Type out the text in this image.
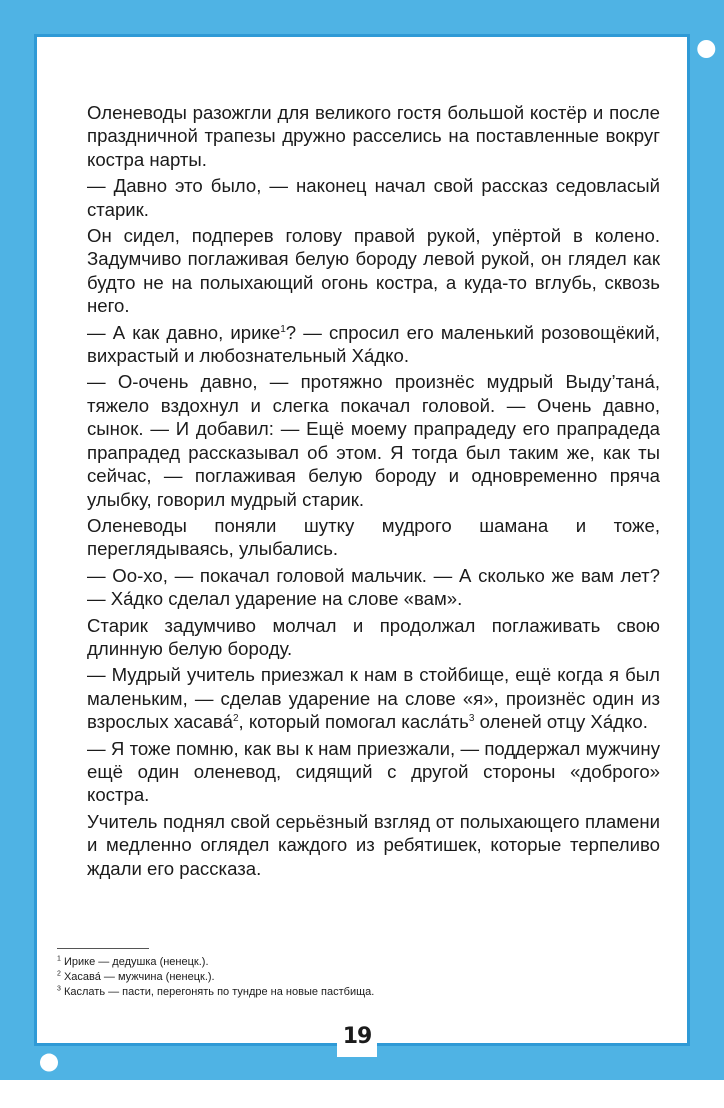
Оленеводы разожгли для великого гостя большой костёр и после праздничной трапезы дружно расселись на поставленные вокруг костра нарты.

— Давно это было, — наконец начал свой рассказ седовласый старик.

Он сидел, подперев голову правой рукой, упёртой в колено. Задумчиво поглаживая белую бороду левой рукой, он глядел как будто не на полыхающий огонь костра, а куда-то вглубь, сквозь него.

— А как давно, ирике$^1$? — спросил его маленький розовощёкий, вихрастый и любознательный Ха́дко.

— О-очень давно, — протяжно произнёс мудрый Выду’тана́, тяжело вздохнул и слегка покачал головой. — Очень давно, сынок. — И добавил: — Ещё моему прапрадеду его прапрадеда прапрадед рассказывал об этом. Я тогда был таким же, как ты сейчас, — поглаживая белую бороду и одновременно пряча улыбку, говорил мудрый старик.

Оленеводы поняли шутку мудрого шамана и тоже, переглядываясь, улыбались.

— Оо-хо, — покачал головой мальчик. — А сколько же вам лет? — Ха́дко сделал ударение на слове «вам».

Старик задумчиво молчал и продолжал поглаживать свою длинную белую бороду.

— Мудрый учитель приезжал к нам в стойбище, ещё когда я был маленьким, — сделав ударение на слове «я», произнёс один из взрослых хасава́$^2$, который помогал $касла́ть^3$ оленей отцу Ха́дко.

— Я тоже помню, как вы к нам приезжали, — поддержал мужчину ещё один оленевод, сидящий с другой стороны «доброго» костра.

Учитель поднял свой серьёзный взгляд от полыхающего пламени и медленно оглядел каждого из ребятишек, которые терпеливо ждали его рассказа.

$^1$ Ирике — дедушка (ненецк.).

$^2$ Хасава́ — мужчина (ненецк.).

$^3$ Каслать — пасти, перегонять по тундре на новые пастбища.

19
